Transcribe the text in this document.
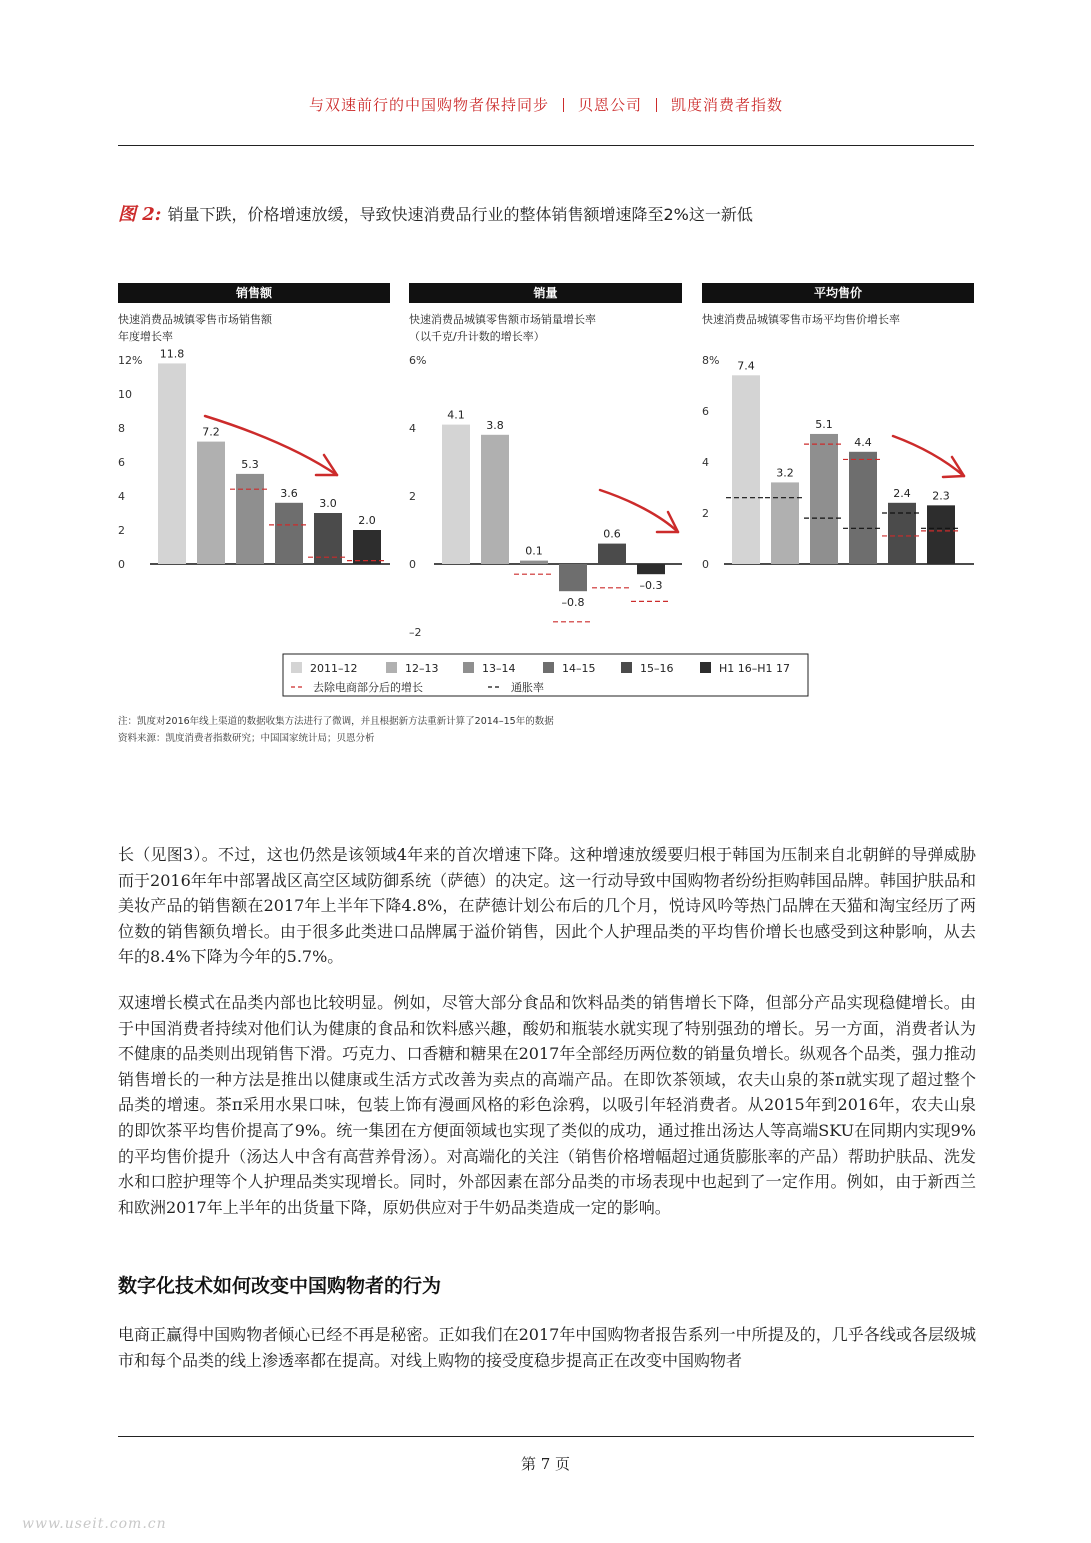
与双速前行的中国购物者保持同步 贝恩公司 凯度消费者指数
图 2: 销量下跌，价格增速放缓，导致快速消费品行业的整体销售额增速降至2%这一新低
销售额
快速消费品城镇零售市场销售额
年度增长率
12%
10
8
6
4
2
0
11.8
7.2
5.3
3.6
3.0
2.0
销量
快速消费品城镇零售额市场销量增长率
（以千克/升计数的增长率）
6%
4
2
0
–2
4.1
3.8
0.1
–0.8
0.6
–0.3
平均售价
快速消费品城镇零售市场平均售价增长率
8%
6
4
2
0
7.4
3.2
5.1
4.4
2.4 2.3
2011–12	12–13	13–14	14–15	15–16	H1 16–H1 17
去除电商部分后的增长	通胀率
注：凯度对2016年线上渠道的数据收集方法进行了微调，并且根据新方法重新计算了2014–15年的数据
资料来源：凯度消费者指数研究；中国国家统计局；贝恩分析
长（见图3）。不过，这也仍然是该领域4年来的首次增速下降。这种增速放缓要归根于韩国为压制来自北朝鲜的导弹威胁而于2016年年中部署战区高空区域防御系统（萨德）的决定。这一行动导致中国购物者纷纷拒购韩国品牌。韩国护肤品和美妆产品的销售额在2017年上半年下降4.8%，在萨德计划公布后的几个月，悦诗风吟等热门品牌在天猫和淘宝经历了两位数的销售额负增长。由于很多此类进口品牌属于溢价销售，因此个人护理品类的平均售价增长也感受到这种影响，从去年的8.4%下降为今年的5.7%。
双速增长模式在品类内部也比较明显。例如，尽管大部分食品和饮料品类的销售增长下降，但部分产品实现稳健增长。由于中国消费者持续对他们认为健康的食品和饮料感兴趣，酸奶和瓶装水就实现了特别强劲的增长。另一方面，消费者认为不健康的品类则出现销售下滑。巧克力、口香糖和糖果在2017年全部经历两位数的销量负增长。纵观各个品类，强力推动销售增长的一种方法是推出以健康或生活方式改善为卖点的高端产品。在即饮茶领域，农夫山泉的茶π就实现了超过整个品类的增速。茶π采用水果口味，包装上饰有漫画风格的彩色涂鸦，以吸引年轻消费者。从2015年到2016年，农夫山泉的即饮茶平均售价提高了9%。统一集团在方便面领域也实现了类似的成功，通过推出汤达人等高端SKU在同期内实现9%的平均售价提升（汤达人中含有高营养骨汤）。对高端化的关注（销售价格增幅超过通货膨胀率的产品）帮助护肤品、洗发水和口腔护理等个人护理品类实现增长。同时，外部因素在部分品类的市场表现中也起到了一定作用。例如，由于新西兰和欧洲2017年上半年的出货量下降，原奶供应对于牛奶品类造成一定的影响。
数字化技术如何改变中国购物者的行为
电商正赢得中国购物者倾心已经不再是秘密。正如我们在2017年中国购物者报告系列一中所提及的，几乎各线或各层级城市和每个品类的线上渗透率都在提高。对线上购物的接受度稳步提高正在改变中国购物者
第 7 页
www.useit.com.cn
